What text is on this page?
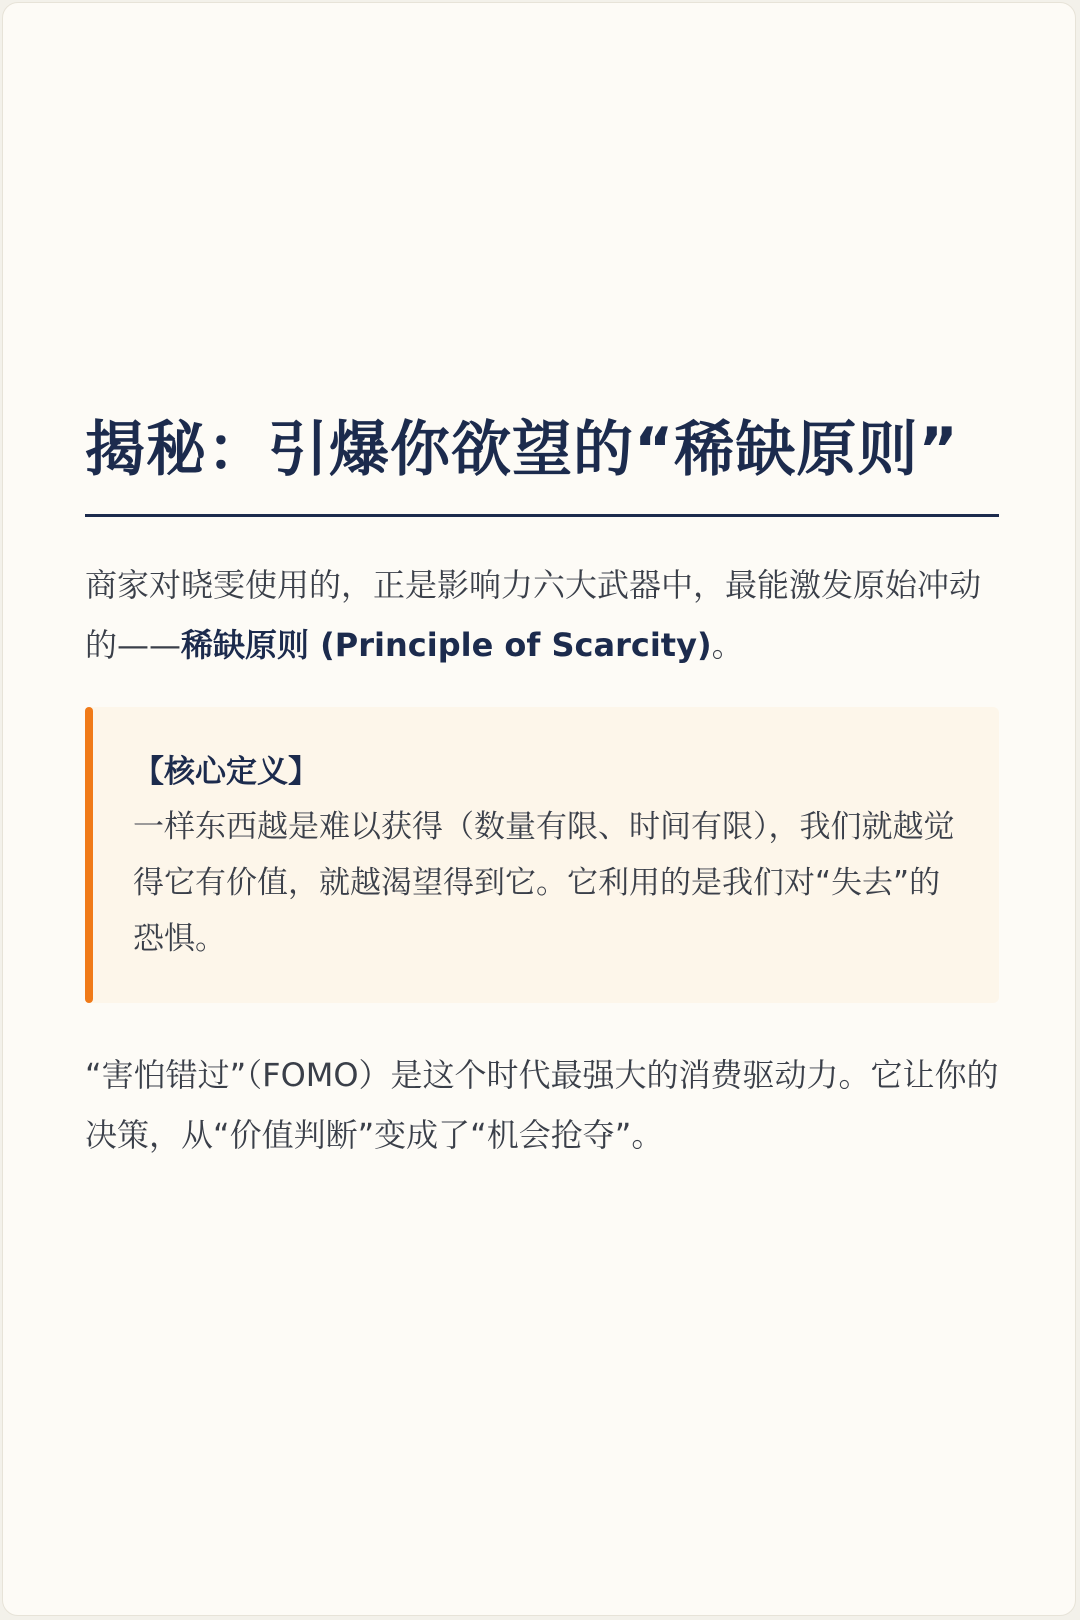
揭秘：引爆你欲望的“稀缺原则”

商家对晓雯使用的，正是影响力六大武器中，最能激发原始冲动的——稀缺原则 (Principle of Scarcity)。

【核心定义】
一样东西越是难以获得（数量有限、时间有限），我们就越觉得它有价值，就越渴望得到它。它利用的是我们对“失去”的恐惧。

“害怕错过”（FOMO）是这个时代最强大的消费驱动力。它让你的决策，从“价值判断”变成了“机会抢夺”。
